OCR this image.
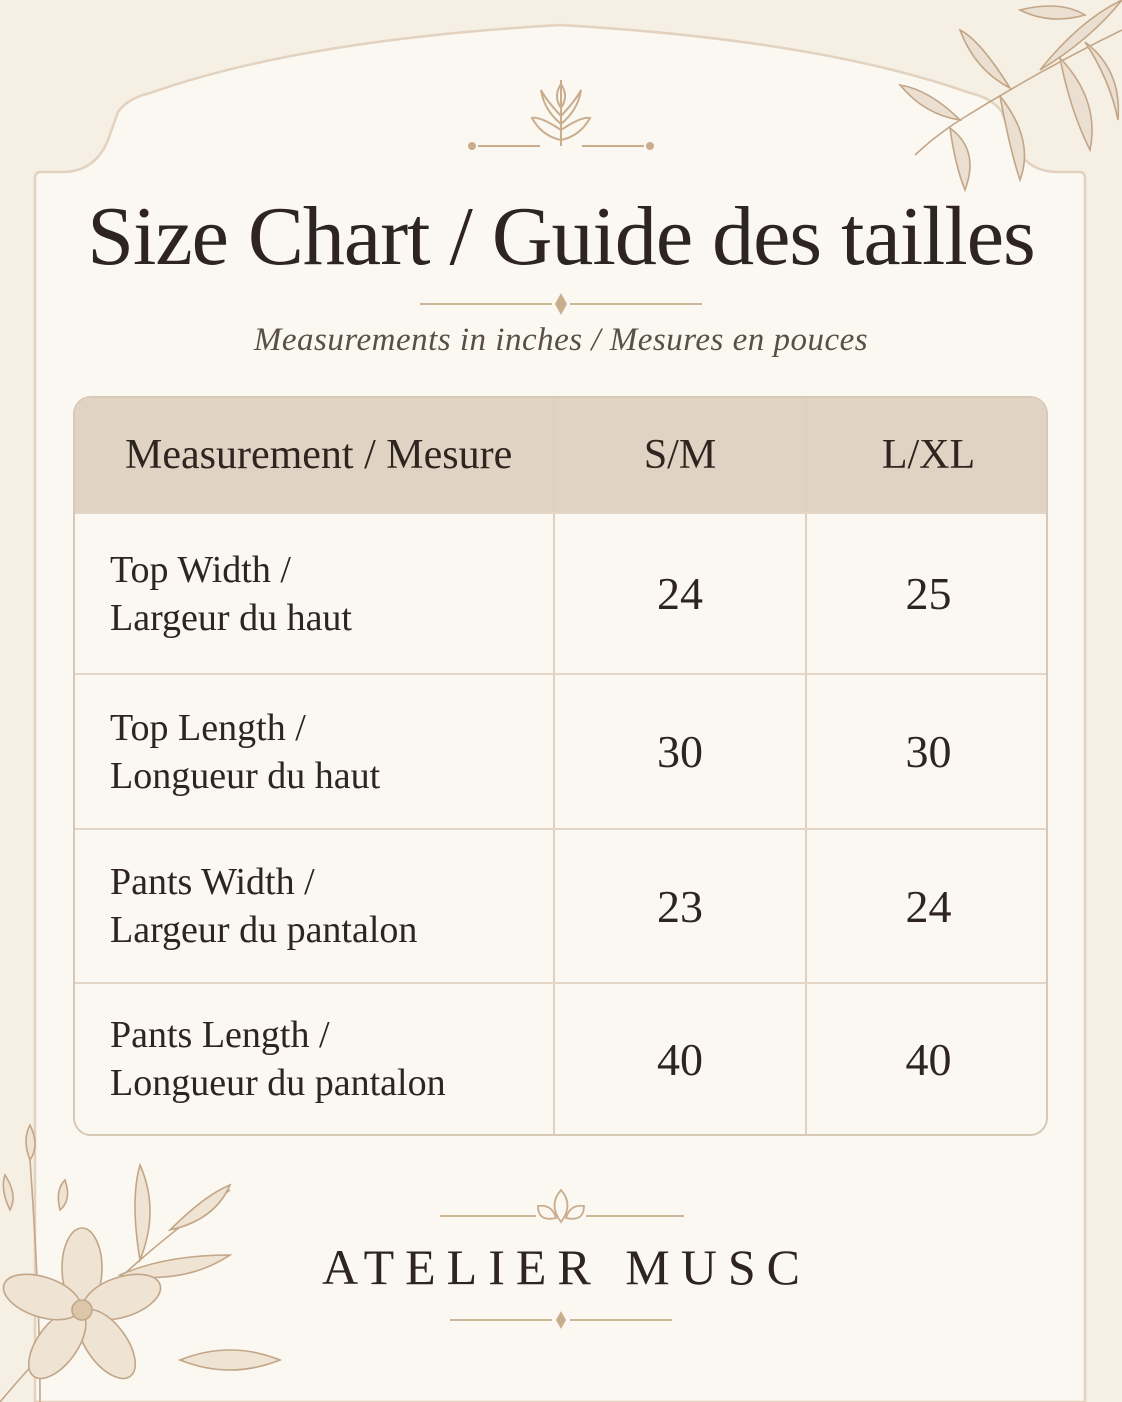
Size Chart / Guide des tailles
Measurements in inches / Mesures en pouces
Measurement / Mesure	S/M	L/XL

Top Width /
Largeur du haut	24	25

Top Length /
Longueur du haut	30	30

Pants Width /
Largeur du pantalon	23	24

Pants Length /
Longueur du pantalon	40	40
ATELIER MUSC
